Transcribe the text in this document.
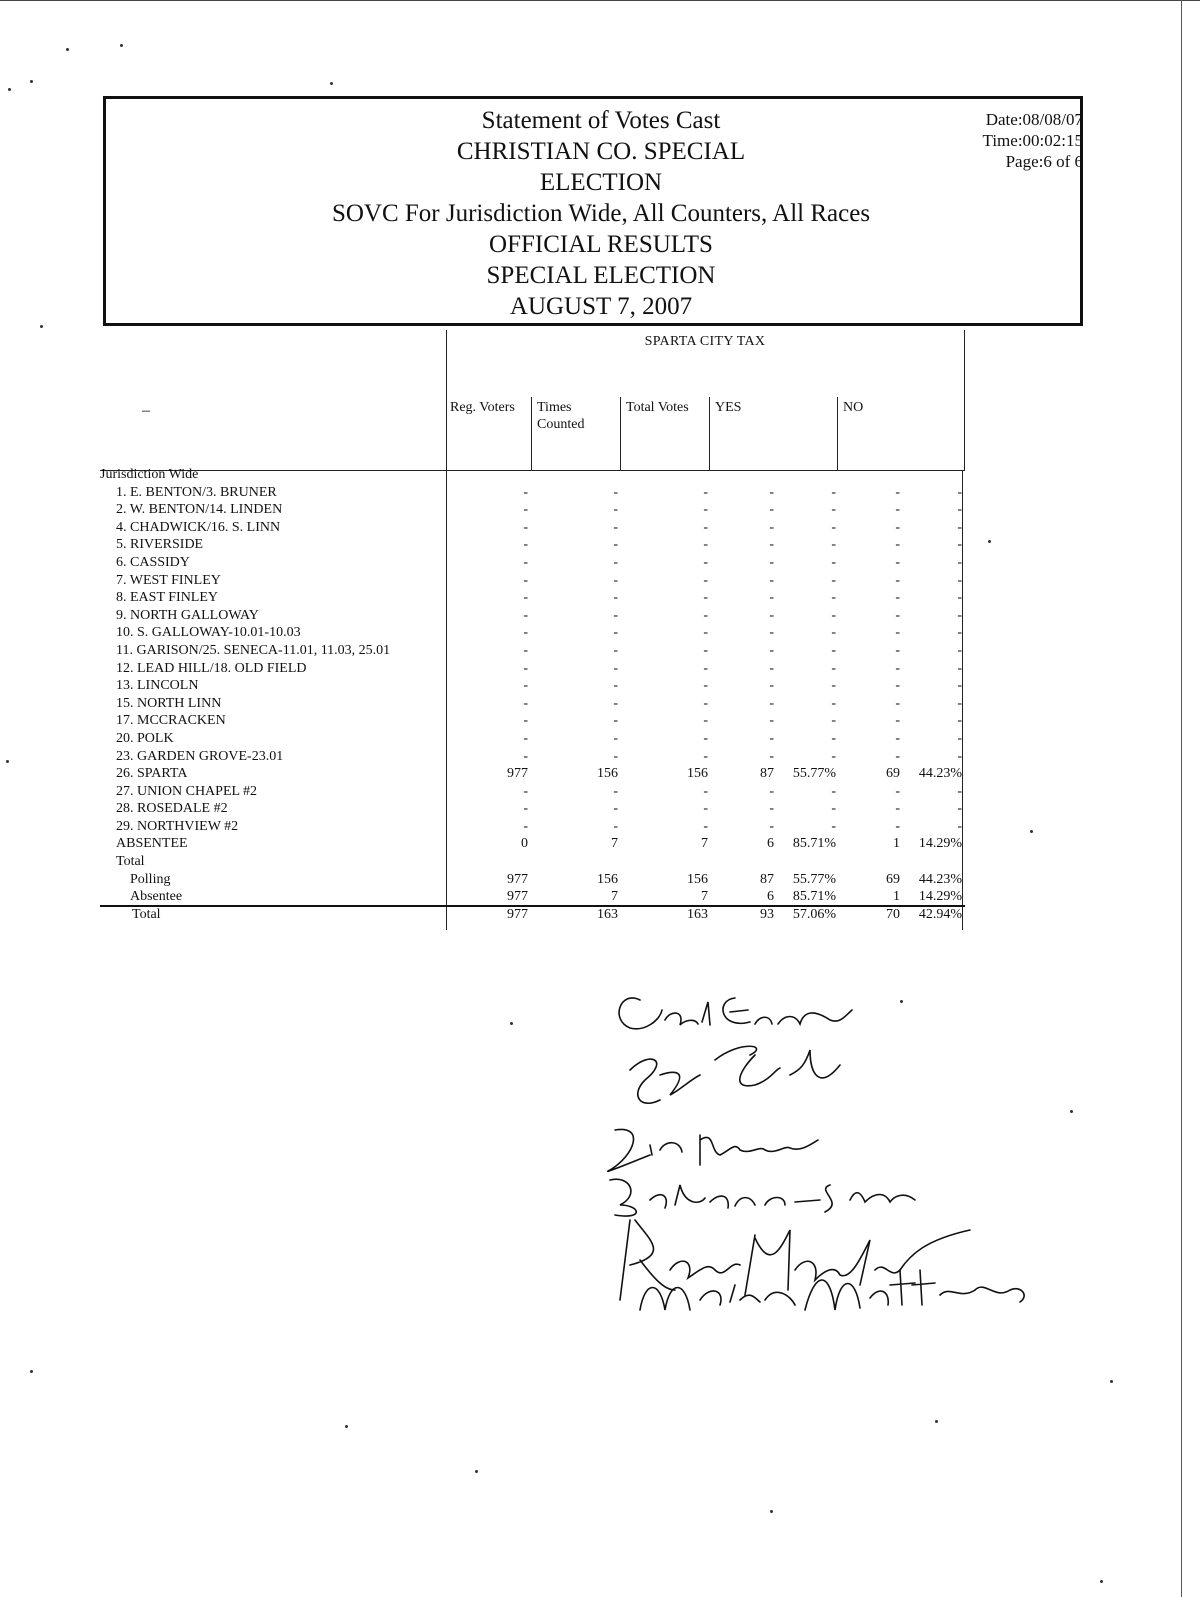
Statement of Votes Cast
CHRISTIAN CO. SPECIAL
ELECTION
SOVC For Jurisdiction Wide, All Counters, All Races
OFFICIAL RESULTS
SPECIAL ELECTION
AUGUST 7, 2007
Date:08/08/07
Time:00:02:15
Page:6 of 6
SPARTA CITY TAX
–	Reg. Voters Times
Counted
Total Votes YES	NO
Jurisdiction Wide
1. E. BENTON/3. BRUNER	-	-	-	-	-	-	-
2. W. BENTON/14. LINDEN	-	-	-	-	-	-	-
4. CHADWICK/16. S. LINN	-	-	-	-	-	-	-
5. RIVERSIDE	-	-	-	-	-	-	-
6. CASSIDY	-	-	-	-	-	-	-
7. WEST FINLEY	-	-	-	-	-	-	-
8. EAST FINLEY	-	-	-	-	-	-	-
9. NORTH GALLOWAY	-	-	-	-	-	-	-
10. S. GALLOWAY-10.01-10.03	-	-	-	-	-	-	-
11. GARISON/25. SENECA-11.01, 11.03, 25.01	-	-	-	-	-	-	-
12. LEAD HILL/18. OLD FIELD	-	-	-	-	-	-	-
13. LINCOLN	-	-	-	-	-	-	-
15. NORTH LINN	-	-	-	-	-	-	-
17. MCCRACKEN	-	-	-	-	-	-	-
20. POLK	-	-	-	-	-	-	-
23. GARDEN GROVE-23.01	-	-	-	-	-	-	-
26. SPARTA	977	156	156	87	55.77%	69	44.23%
27. UNION CHAPEL #2	-	-	-	-	-	-	-
28. ROSEDALE #2	-	-	-	-	-	-	-
29. NORTHVIEW #2	-	-	-	-	-	-	-
ABSENTEE	0	7	7	6	85.71%	1	14.29%
Total
Polling	977	156	156	87	55.77%	69	44.23%
Absentee	977	7	7	6	85.71%	1	14.29%
Total	977	163	163	93	57.06%	70	42.94%
